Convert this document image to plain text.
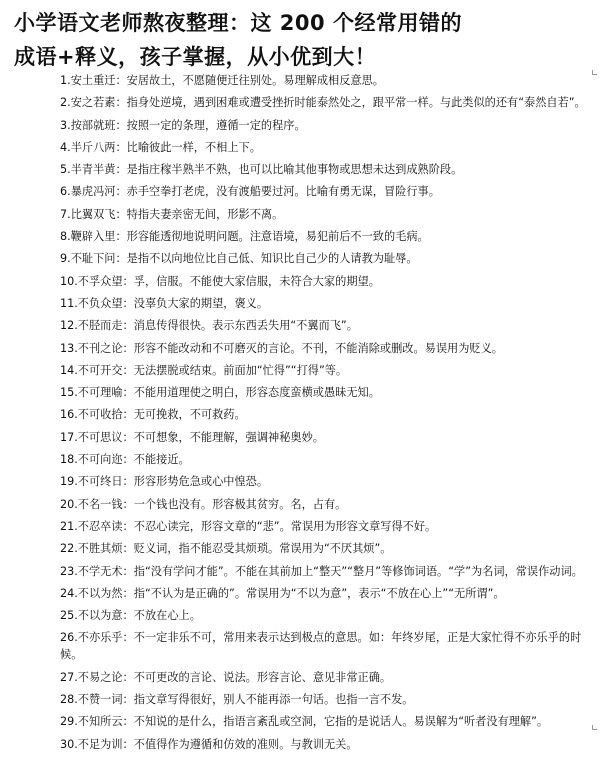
小学语文老师熬夜整理：这 200 个经常用错的
成语+释义，孩子掌握，从小优到大！
1.安土重迁：安居故土，不愿随便迁往别处。易理解成相反意思。
2.安之若素：指身处逆境，遇到困难或遭受挫折时能泰然处之，跟平常一样。与此类似的还有“泰然自若”。
3.按部就班：按照一定的条理，遵循一定的程序。
4.半斤八两：比喻彼此一样，不相上下。
5.半青半黄：是指庄稼半熟半不熟，也可以比喻其他事物或思想未达到成熟阶段。
6.暴虎冯河：赤手空拳打老虎，没有渡船要过河。比喻有勇无谋，冒险行事。
7.比翼双飞：特指夫妻亲密无间，形影不离。
8.鞭辟入里：形容能透彻地说明问题。注意语境，易犯前后不一致的毛病。
9.不耻下问：是指不以向地位比自己低、知识比自己少的人请教为耻辱。
10.不孚众望：孚，信服。不能使大家信服，未符合大家的期望。
11.不负众望：没辜负大家的期望，褒义。
12.不胫而走：消息传得很快。表示东西丢失用“不翼而飞”。
13.不刊之论：形容不能改动和不可磨灭的言论。不刊，不能消除或删改。易误用为贬义。
14.不可开交：无法摆脱或结束。前面加“忙得”“打得”等。
15.不可理喻：不能用道理使之明白，形容态度蛮横或愚昧无知。
16.不可收拾：无可挽救，不可救药。
17.不可思议：不可想象，不能理解，强调神秘奥妙。
18.不可向迩：不能接近。
19.不可终日：形容形势危急或心中惶恐。
20.不名一钱：一个钱也没有。形容极其贫穷。名，占有。
21.不忍卒读：不忍心读完，形容文章的“悲”。常误用为形容文章写得不好。
22.不胜其烦：贬义词，指不能忍受其烦琐。常误用为“不厌其烦”。
23.不学无术：指“没有学问才能”。不能在其前加上“整天”“整月”等修饰词语。“学”为名词，常误作动词。
24.不以为然：指“不认为是正确的”。常误用为“不以为意”，表示“不放在心上”“无所谓”。
25.不以为意：不放在心上。
26.不亦乐乎：不一定非乐不可，常用来表示达到极点的意思。如：年终岁尾，正是大家忙得不亦乐乎的时候。
27.不易之论：不可更改的言论、说法。形容言论、意见非常正确。
28.不赞一词：指文章写得很好，别人不能再添一句话。也指一言不发。
29.不知所云：不知说的是什么，指语言紊乱或空洞，它指的是说话人。易误解为“听者没有理解”。
30.不足为训：不值得作为遵循和仿效的准则。与教训无关。
